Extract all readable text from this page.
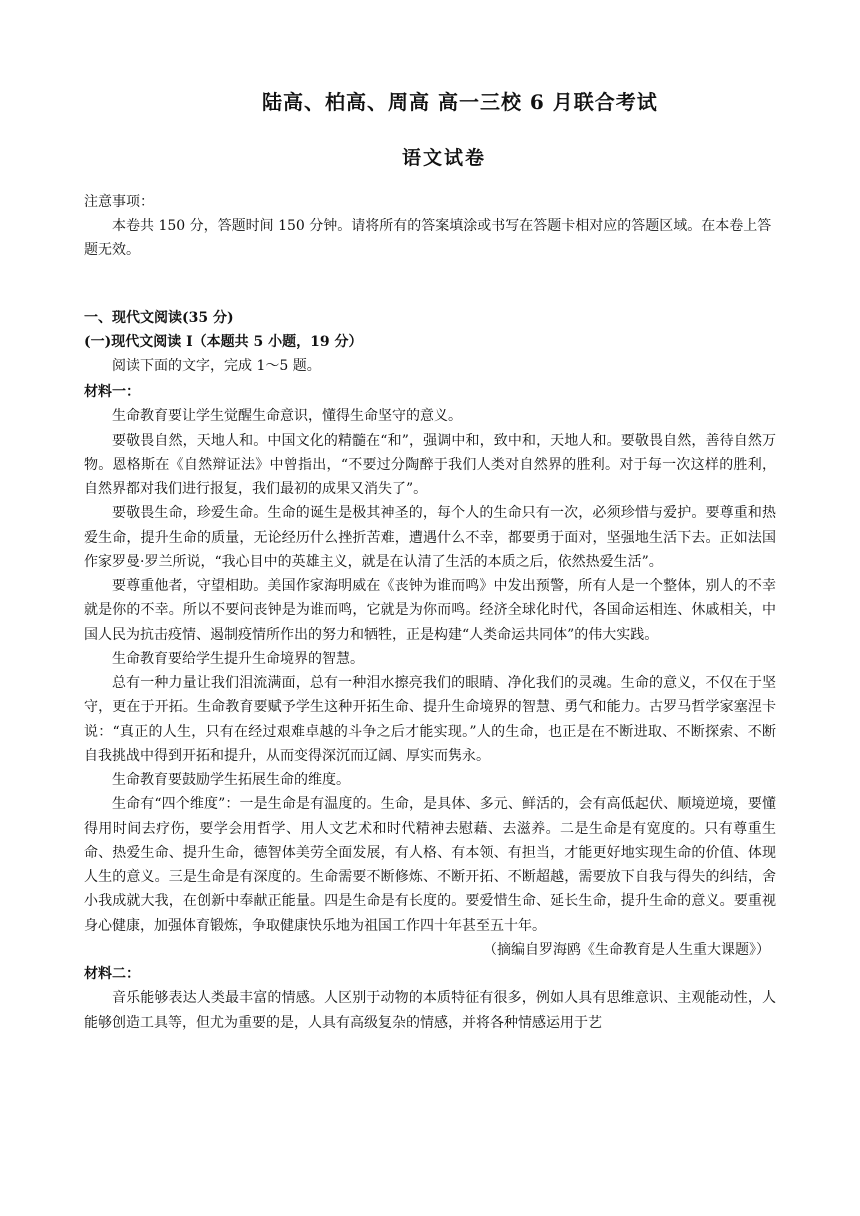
陆高、柏高、周高 高一三校 6 月联合考试
语文试卷

注意事项：

本卷共 150 分，答题时间 150 分钟。请将所有的答案填涂或书写在答题卡相对应的答题区域。在本卷上答题无效。

一、现代文阅读(35 分)
(一)现代文阅读 I（本题共 5 小题，19 分）
阅读下面的文字，完成 1～5 题。

材料一：

生命教育要让学生觉醒生命意识，懂得生命坚守的意义。

要敬畏自然，天地人和。中国文化的精髓在“和”，强调中和，致中和，天地人和。要敬畏自然，善待自然万物。恩格斯在《自然辩证法》中曾指出，“不要过分陶醉于我们人类对自然界的胜利。对于每一次这样的胜利，自然界都对我们进行报复，我们最初的成果又消失了”。

要敬畏生命，珍爱生命。生命的诞生是极其神圣的，每个人的生命只有一次，必须珍惜与爱护。要尊重和热爱生命，提升生命的质量，无论经历什么挫折苦难，遭遇什么不幸，都要勇于面对，坚强地生活下去。正如法国作家罗曼·罗兰所说，“我心目中的英雄主义，就是在认清了生活的本质之后，依然热爱生活”。

要尊重他者，守望相助。美国作家海明威在《丧钟为谁而鸣》中发出预警，所有人是一个整体，别人的不幸就是你的不幸。所以不要问丧钟是为谁而鸣，它就是为你而鸣。经济全球化时代，各国命运相连、休戚相关，中国人民为抗击疫情、遏制疫情所作出的努力和牺牲，正是构建“人类命运共同体”的伟大实践。

生命教育要给学生提升生命境界的智慧。

总有一种力量让我们泪流满面，总有一种泪水擦亮我们的眼睛、净化我们的灵魂。生命的意义，不仅在于坚守，更在于开拓。生命教育要赋予学生这种开拓生命、提升生命境界的智慧、勇气和能力。古罗马哲学家塞涅卡说：“真正的人生，只有在经过艰难卓越的斗争之后才能实现。”人的生命，也正是在不断进取、不断探索、不断自我挑战中得到开拓和提升，从而变得深沉而辽阔、厚实而隽永。

生命教育要鼓励学生拓展生命的维度。

生命有“四个维度”：一是生命是有温度的。生命，是具体、多元、鲜活的，会有高低起伏、顺境逆境，要懂得用时间去疗伤，要学会用哲学、用人文艺术和时代精神去慰藉、去滋养。二是生命是有宽度的。只有尊重生命、热爱生命、提升生命，德智体美劳全面发展，有人格、有本领、有担当，才能更好地实现生命的价值、体现人生的意义。三是生命是有深度的。生命需要不断修炼、不断开拓、不断超越，需要放下自我与得失的纠结，舍小我成就大我，在创新中奉献正能量。四是生命是有长度的。要爱惜生命、延长生命，提升生命的意义。要重视身心健康，加强体育锻炼，争取健康快乐地为祖国工作四十年甚至五十年。

（摘编自罗海鸥《生命教育是人生重大课题》）

材料二：

音乐能够表达人类最丰富的情感。人区别于动物的本质特征有很多，例如人具有思维意识、主观能动性，人能够创造工具等，但尤为重要的是，人具有高级复杂的情感，并将各种情感运用于艺
